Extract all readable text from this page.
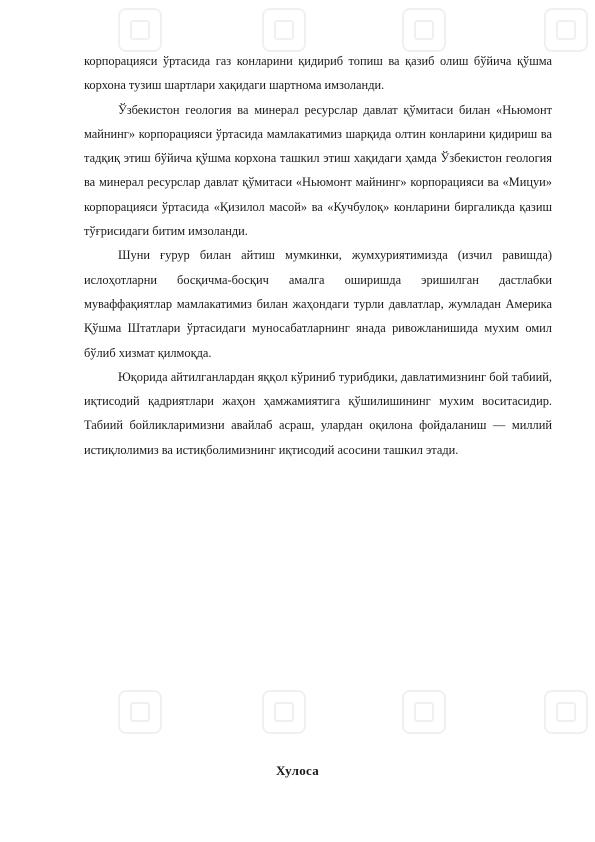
корпорацияси ўртасида газ конларини қидириб топиш ва қазиб олиш бўйича қўшма корхона тузиш шартлари хақидаги шартнома имзоланди.

Ўзбекистон геология ва минерал ресурслар давлат қўмитаси билан «Ньюмонт майнинг» корпорацияси ўртасида мамлакатимиз шарқида олтин конларини қидириш ва тадқиқ этиш бўйича қўшма корхона ташкил этиш хақидаги ҳамда Ўзбекистон геология ва минерал ресурслар давлат қўмитаси «Ньюмонт майнинг» корпорацияси ва «Мицуи» корпорацияси ўртасида «Қизилол масой» ва «Кучбулоқ» конларини биргаликда қазиш тўғрисидаги битим имзоланди.

Шуни ғурур билан айтиш мумкинки, жумхуриятимизда (изчил равишда) ислоҳотларни босқичма-босқич амалга оширишда эришилган дастлабки муваффақиятлар мамлакатимиз билан жаҳондаги турли давлатлар, жумладан Америка Қўшма Штатлари ўртасидаги муносабатларнинг янада ривожланишида мухим омил бўлиб хизмат қилмоқда.

Юқорида айтилганлардан яққол кўриниб турибдики, давлатимизнинг бой табиий, иқтисодий қадриятлари жаҳон ҳамжамиятига қўшилишининг мухим воситасидир. Табиий бойликларимизни авайлаб асраш, улардан оқилона фойдаланиш — миллий истиқлолимиз ва истиқболимизнинг иқтисодий асосини ташкил этади.

Хулоса
